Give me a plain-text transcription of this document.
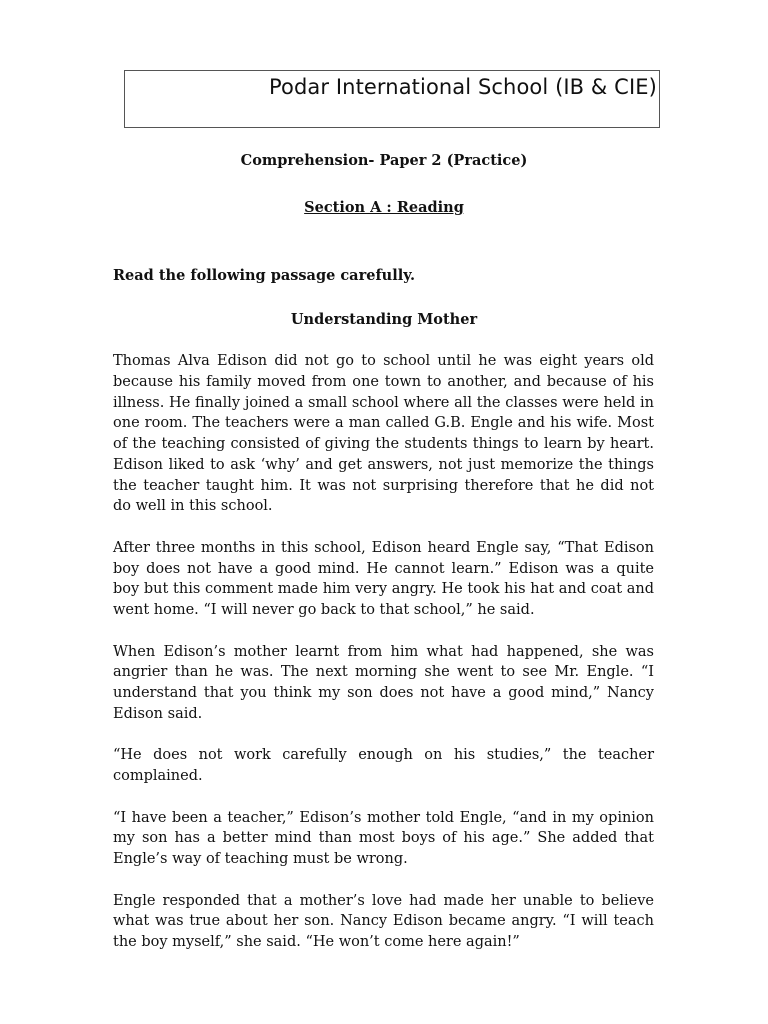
Podar International School (IB & CIE)
Comprehension- Paper 2 (Practice)
Section A : Reading
Read the following passage carefully.
Understanding Mother

Thomas Alva Edison did not go to school until he was eight years old because his family moved from one town to another, and because of his illness. He finally joined a small school where all the classes were held in one room. The teachers were a man called G.B. Engle and his wife. Most of the teaching consisted of giving the students things to learn by heart. Edison liked to ask ‘why’ and get answers, not just memorize the things the teacher taught him. It was not surprising therefore that he did not do well in this school.

After three months in this school, Edison heard Engle say, “That Edison boy does not have a good mind. He cannot learn.” Edison was a quite boy but this comment made him very angry. He took his hat and coat and went home. “I will never go back to that school,” he said.

When Edison’s mother learnt from him what had happened, she was angrier than he was. The next morning she went to see Mr. Engle. “I understand that you think my son does not have a good mind,” Nancy Edison said.

“He does not work carefully enough on his studies,” the teacher complained.

“I have been a teacher,” Edison’s mother told Engle, “and in my opinion my son has a better mind than most boys of his age.” She added that Engle’s way of teaching must be wrong.

Engle responded that a mother’s love had made her unable to believe what was true about her son. Nancy Edison became angry. “I will teach the boy myself,” she said. “He won’t come here again!”
